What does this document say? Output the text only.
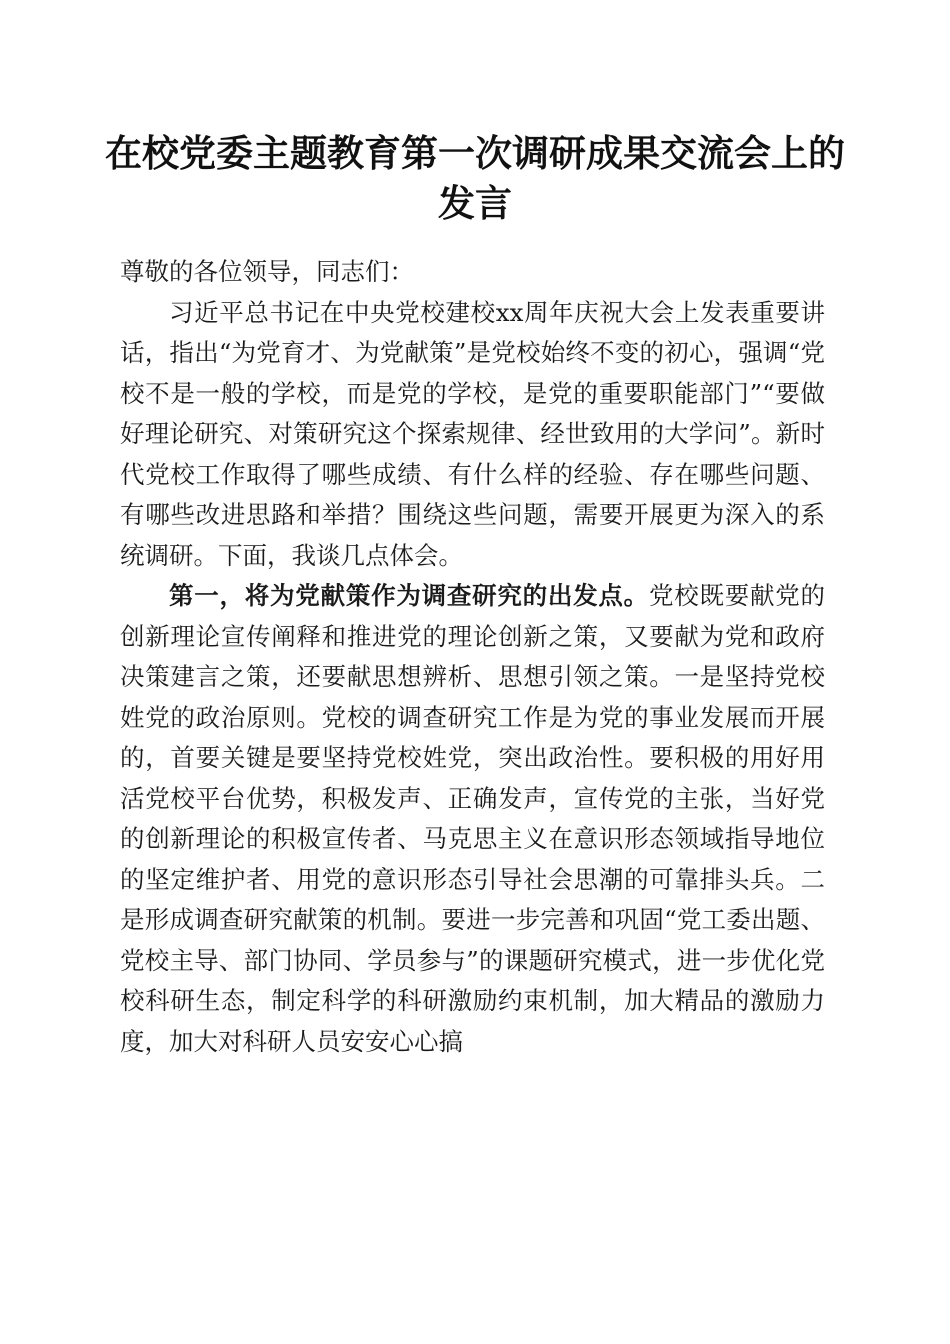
在校党委主题教育第一次调研成果交流会上的发言

尊敬的各位领导，同志们：

习近平总书记在中央党校建校xx周年庆祝大会上发表重要讲话，指出“为党育才、为党献策”是党校始终不变的初心，强调“党校不是一般的学校，而是党的学校，是党的重要职能部门”“要做好理论研究、对策研究这个探索规律、经世致用的大学问”。新时代党校工作取得了哪些成绩、有什么样的经验、存在哪些问题、有哪些改进思路和举措？围绕这些问题，需要开展更为深入的系统调研。下面，我谈几点体会。

第一，将为党献策作为调查研究的出发点。党校既要献党的创新理论宣传阐释和推进党的理论创新之策，又要献为党和政府决策建言之策，还要献思想辨析、思想引领之策。一是坚持党校姓党的政治原则。党校的调查研究工作是为党的事业发展而开展的，首要关键是要坚持党校姓党，突出政治性。要积极的用好用活党校平台优势，积极发声、正确发声，宣传党的主张，当好党的创新理论的积极宣传者、马克思主义在意识形态领域指导地位的坚定维护者、用党的意识形态引导社会思潮的可靠排头兵。二是形成调查研究献策的机制。要进一步完善和巩固“党工委出题、党校主导、部门协同、学员参与”的课题研究模式，进一步优化党校科研生态，制定科学的科研激励约束机制，加大精品的激励力度，加大对科研人员安安心心搞
